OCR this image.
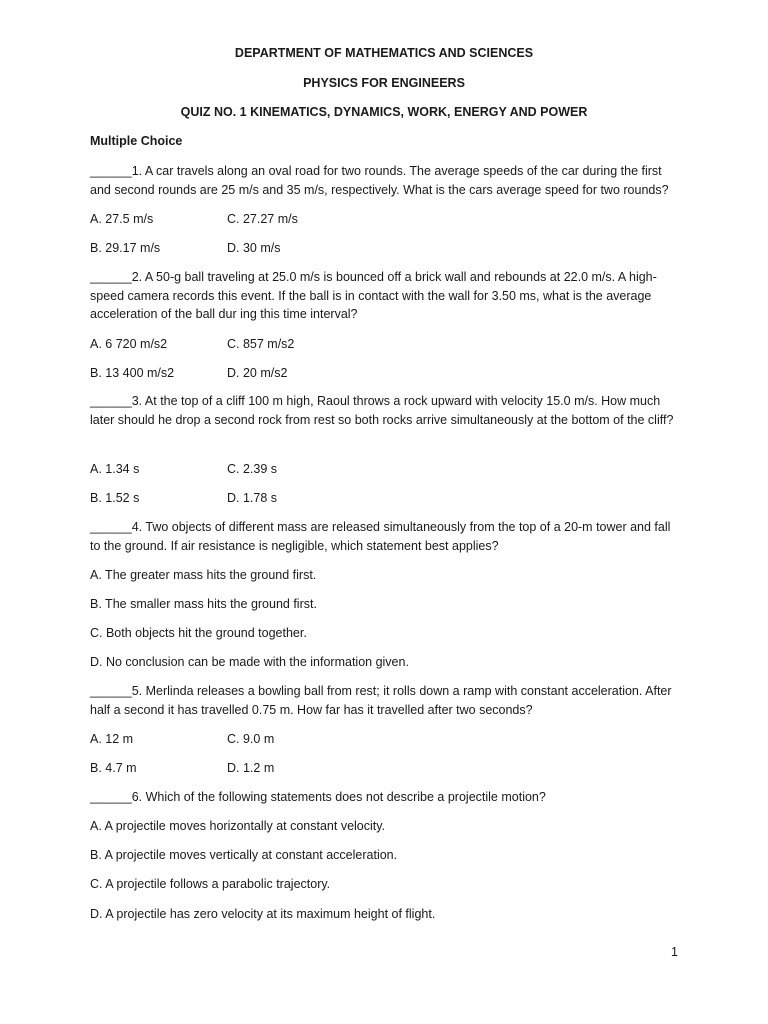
DEPARTMENT OF MATHEMATICS AND SCIENCES
PHYSICS FOR ENGINEERS
QUIZ NO. 1 KINEMATICS, DYNAMICS, WORK, ENERGY AND POWER
Multiple Choice
______1. A car travels along an oval road for two rounds. The average speeds of the car during the first and second rounds are 25 m/s and 35 m/s, respectively. What is the cars average speed for two rounds?
A. 27.5 m/s	C. 27.27 m/s
B. 29.17 m/s	D. 30 m/s
______2. A 50-g ball traveling at 25.0 m/s is bounced off a brick wall and rebounds at 22.0 m/s. A high-speed camera records this event. If the ball is in contact with the wall for 3.50 ms, what is the average acceleration of the ball dur ing this time interval?
A. 6 720 m/s2	C. 857 m/s2
B. 13 400 m/s2	D. 20 m/s2
______3. At the top of a cliff 100 m high, Raoul throws a rock upward with velocity 15.0 m/s. How much later should he drop a second rock from rest so both rocks arrive simultaneously at the bottom of the cliff?
A. 1.34 s	C. 2.39 s
B. 1.52 s	D. 1.78 s
______4. Two objects of different mass are released simultaneously from the top of a 20-m tower and fall to the ground. If air resistance is negligible, which statement best applies?
A. The greater mass hits the ground first.
B. The smaller mass hits the ground first.
C. Both objects hit the ground together.
D. No conclusion can be made with the information given.
______5. Merlinda releases a bowling ball from rest; it rolls down a ramp with constant acceleration. After half a second it has travelled 0.75 m. How far has it travelled after two seconds?
A. 12 m	C. 9.0 m
B. 4.7 m	D. 1.2 m
______6. Which of the following statements does not describe a projectile motion?
A. A projectile moves horizontally at constant velocity.
B. A projectile moves vertically at constant acceleration.
C. A projectile follows a parabolic trajectory.
D. A projectile has zero velocity at its maximum height of flight.
1
